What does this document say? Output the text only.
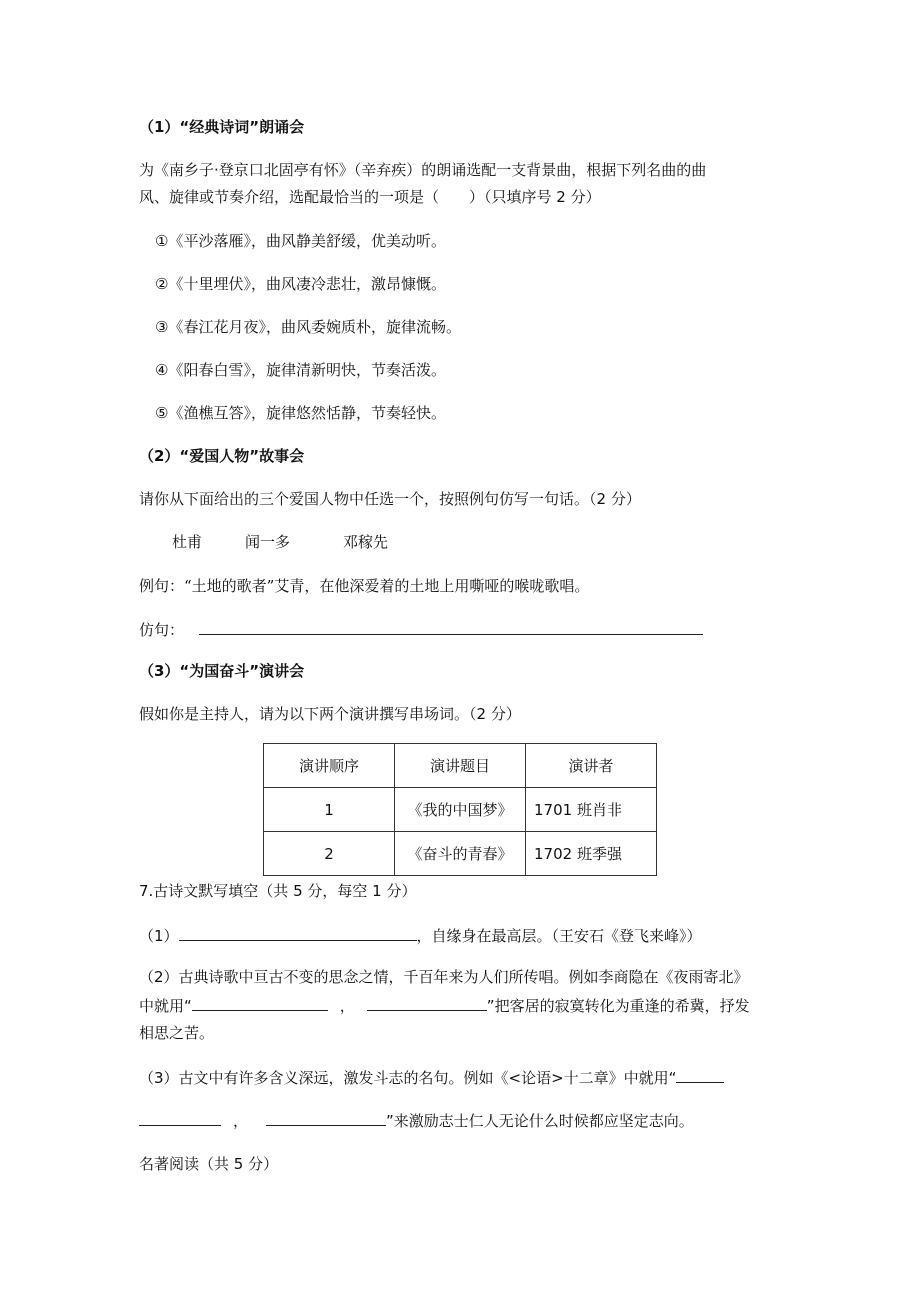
（1）“经典诗词”朗诵会
为《南乡子·登京口北固亭有怀》（辛弃疾）的朗诵选配一支背景曲，根据下列名曲的曲
风、旋律或节奏介绍，选配最恰当的一项是（　　）（只填序号 2 分）
①《平沙落雁》，曲风静美舒缓，优美动听。
②《十里埋伏》，曲风凄冷悲壮，激昂慷慨。
③《春江花月夜》，曲风委婉质朴，旋律流畅。
④《阳春白雪》，旋律清新明快，节奏活泼。
⑤《渔樵互答》，旋律悠然恬静，节奏轻快。
（2）“爱国人物”故事会
请你从下面给出的三个爱国人物中任选一个，按照例句仿写一句话。（2 分）
杜甫	闻一多	邓稼先
例句：“土地的歌者”艾青，在他深爱着的土地上用嘶哑的喉咙歌唱。
仿句：
（3）“为国奋斗”演讲会
假如你是主持人，请为以下两个演讲撰写串场词。（2 分）
演讲顺序	演讲题目	演讲者
1	《我的中国梦》	1701 班肖非
2	《奋斗的青春》	1702 班季强
7.古诗文默写填空（共 5 分，每空 1 分）
（1）	，自缘身在最高层。（王安石《登飞来峰》）
（2）古典诗歌中亘古不变的思念之情，千百年来为人们所传唱。例如李商隐在《夜雨寄北》
中就用“	，	”把客居的寂寞转化为重逢的希冀，抒发
相思之苦。
（3）古文中有许多含义深远，激发斗志的名句。例如《<论语>十二章》中就用“
，	”来激励志士仁人无论什么时候都应坚定志向。
名著阅读（共 5 分）
